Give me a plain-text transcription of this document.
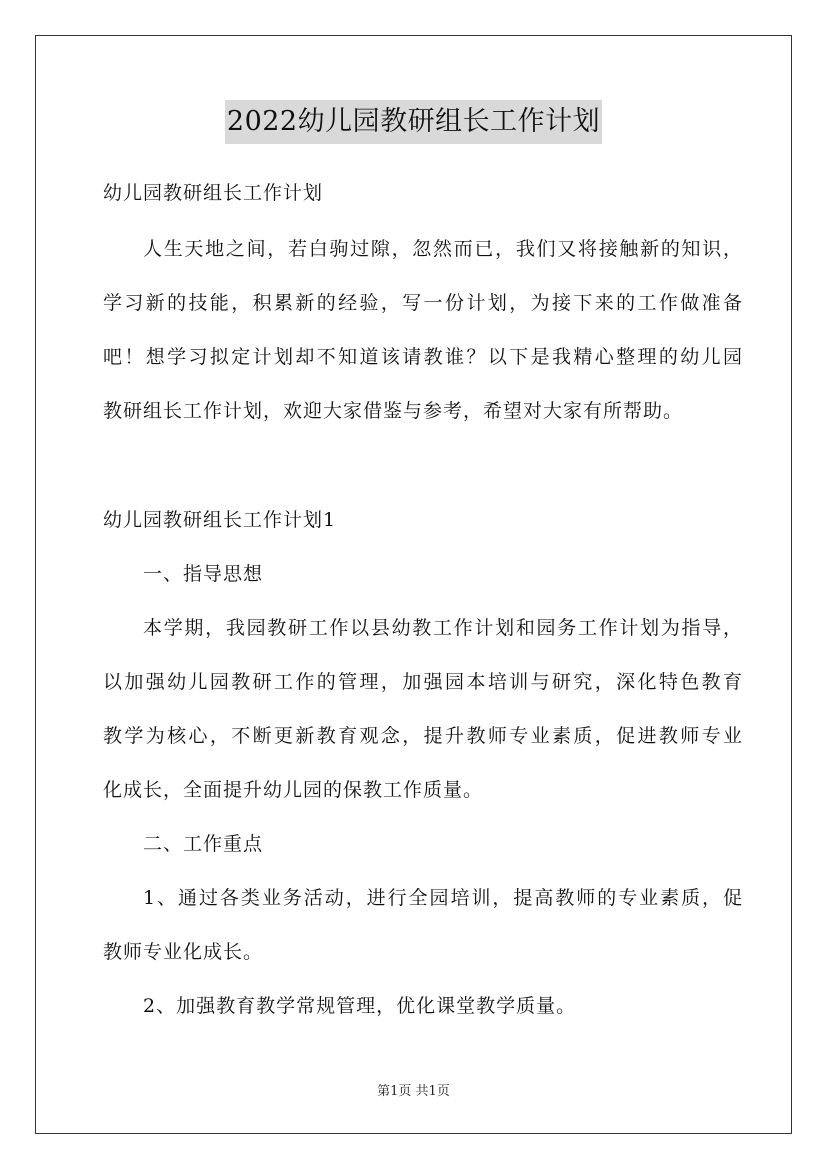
2022幼儿园教研组长工作计划
幼儿园教研组长工作计划
人生天地之间，若白驹过隙，忽然而已，我们又将接触新的知识，
学习新的技能，积累新的经验，写一份计划，为接下来的工作做准备
吧！想学习拟定计划却不知道该请教谁？以下是我精心整理的幼儿园
教研组长工作计划，欢迎大家借鉴与参考，希望对大家有所帮助。
幼儿园教研组长工作计划1
一、指导思想
本学期，我园教研工作以县幼教工作计划和园务工作计划为指导，
以加强幼儿园教研工作的管理，加强园本培训与研究，深化特色教育
教学为核心，不断更新教育观念，提升教师专业素质，促进教师专业
化成长，全面提升幼儿园的保教工作质量。
二、工作重点
1、通过各类业务活动，进行全园培训，提高教师的专业素质，促
教师专业化成长。
2、加强教育教学常规管理，优化课堂教学质量。
第1页 共1页
